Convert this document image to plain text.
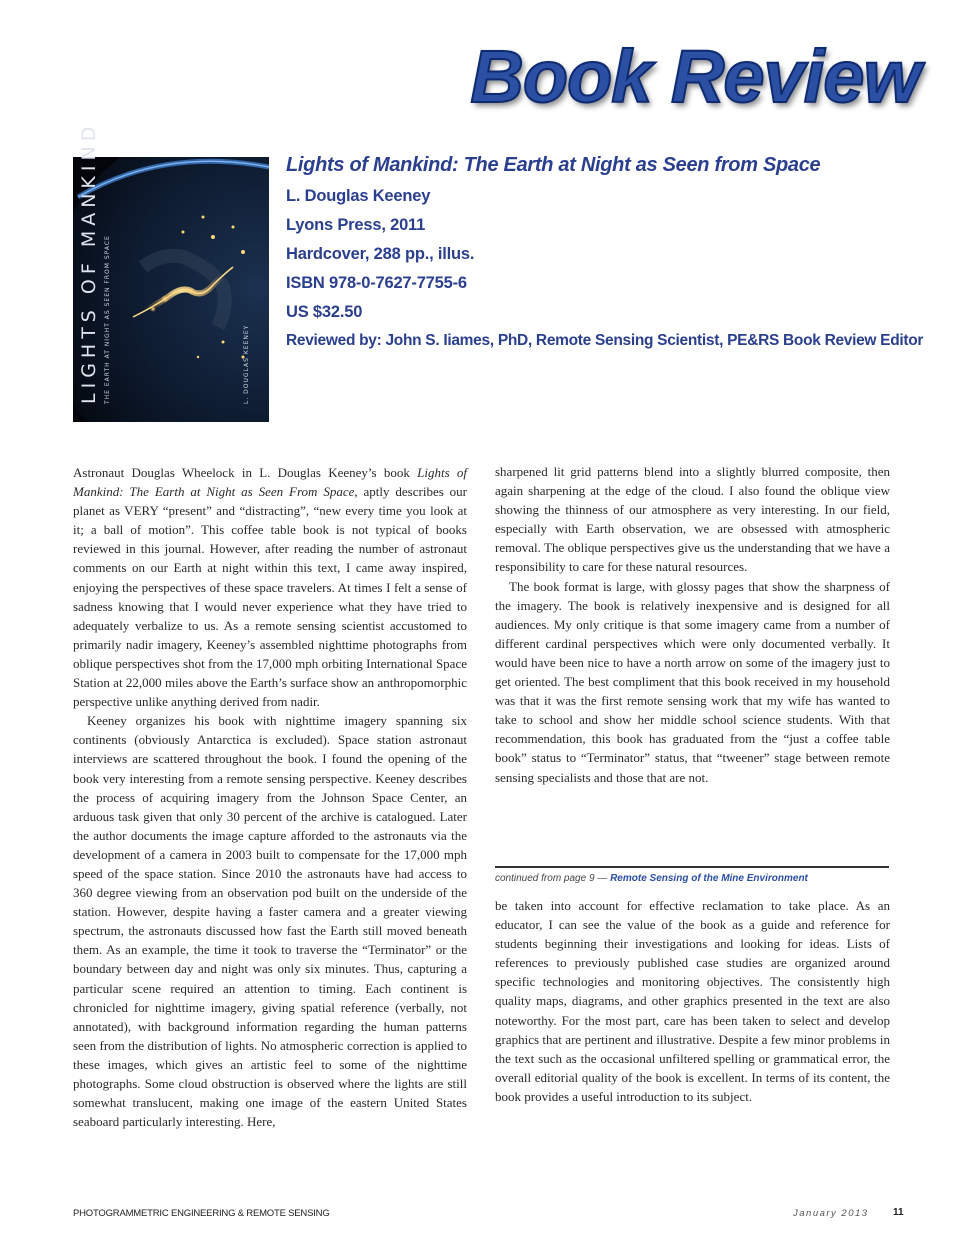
Book Review
LIGHTS OF MANKIND THE EARTH AT NIGHT AS SEEN FROM SPACE	L. DOUGLAS KEENEY
Lights of Mankind: The Earth at Night as Seen from Space
L. Douglas Keeney
Lyons Press, 2011
Hardcover, 288 pp., illus.
ISBN 978-0-7627-7755-6
US $32.50
Reviewed by: John S. Iiames, PhD, Remote Sensing Scientist, PE&RS Book Review Editor

Astronaut Douglas Wheelock in L. Douglas Keeney’s book Lights of Mankind: The Earth at Night as Seen From Space, aptly describes our planet as VERY “present” and “distracting”, “new every time you look at it; a ball of motion”. This coffee table book is not typical of books reviewed in this journal. However, after reading the number of astronaut comments on our Earth at night within this text, I came away inspired, enjoying the perspectives of these space travelers. At times I felt a sense of sadness knowing that I would never experience what they have tried to adequately verbalize to us. As a remote sensing scientist accustomed to primarily nadir imagery, Keeney’s assembled nighttime photographs from oblique perspectives shot from the 17,000 mph orbiting International Space Station at 22,000 miles above the Earth’s surface show an anthropomorphic perspective unlike anything derived from nadir.

Keeney organizes his book with nighttime imagery spanning six continents (obviously Antarctica is excluded). Space station astronaut interviews are scattered throughout the book. I found the opening of the book very interesting from a remote sensing perspective. Keeney describes the process of acquiring imagery from the Johnson Space Center, an arduous task given that only 30 percent of the archive is catalogued. Later the author documents the image capture afforded to the astronauts via the development of a camera in 2003 built to compensate for the 17,000 mph speed of the space station. Since 2010 the astronauts have had access to 360 degree viewing from an observation pod built on the underside of the station. However, despite having a faster camera and a greater viewing spectrum, the astronauts discussed how fast the Earth still moved beneath them. As an example, the time it took to traverse the “Terminator” or the boundary between day and night was only six minutes. Thus, capturing a particular scene required an attention to timing. Each continent is chronicled for nighttime imagery, giving spatial reference (verbally, not annotated), with background information regarding the human patterns seen from the distribution of lights. No atmospheric correction is applied to these images, which gives an artistic feel to some of the nighttime photographs. Some cloud obstruction is observed where the lights are still somewhat translucent, making one image of the eastern United States seaboard particularly interesting. Here,

sharpened lit grid patterns blend into a slightly blurred composite, then again sharpening at the edge of the cloud. I also found the oblique view showing the thinness of our atmosphere as very interesting. In our field, especially with Earth observation, we are obsessed with atmospheric removal. The oblique perspectives give us the understanding that we have a responsibility to care for these natural resources.

The book format is large, with glossy pages that show the sharpness of the imagery. The book is relatively inexpensive and is designed for all audiences. My only critique is that some imagery came from a number of different cardinal perspectives which were only documented verbally. It would have been nice to have a north arrow on some of the imagery just to get oriented. The best compliment that this book received in my household was that it was the first remote sensing work that my wife has wanted to take to school and show her middle school science students. With that recommendation, this book has graduated from the “just a coffee table book” status to “Terminator” status, that “tweener” stage between remote sensing specialists and those that are not.

continued from page 9 — Remote Sensing of the Mine Environment

be taken into account for effective reclamation to take place. As an educator, I can see the value of the book as a guide and reference for students beginning their investigations and looking for ideas. Lists of references to previously published case studies are organized around specific technologies and monitoring objectives. The consistently high quality maps, diagrams, and other graphics presented in the text are also noteworthy. For the most part, care has been taken to select and develop graphics that are pertinent and illustrative. Despite a few minor problems in the text such as the occasional unfiltered spelling or grammatical error, the overall editorial quality of the book is excellent. In terms of its content, the book provides a useful introduction to its subject.

PHOTOGRAMMETRIC ENGINEERING & REMOTE SENSING	January 2013 11
